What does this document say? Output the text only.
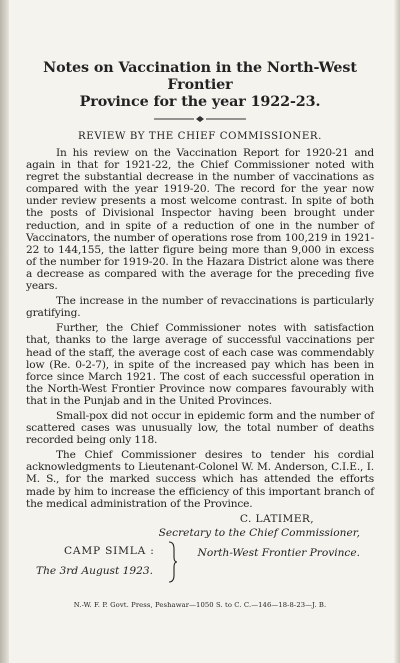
Notes on Vaccination in the North-West Frontier
Province for the year 1922-23.
REVIEW BY THE CHIEF COMMISSIONER.

In his review on the Vaccination Report for 1920-21 and again in that for 1921-22, the Chief Commissioner noted with regret the substantial decrease in the number of vaccinations as compared with the year 1919-20. The record for the year now under review presents a most welcome contrast. In spite of both the posts of Divisional Inspector having been brought under reduction, and in spite of a reduction of one in the number of Vaccinators, the number of operations rose from 100,219 in 1921-22 to 144,155, the latter figure being more than 9,000 in excess of the number for 1919-20. In the Hazara District alone was there a decrease as compared with the average for the preceding five years.

The increase in the number of revaccinations is particularly gratifying.

Further, the Chief Commissioner notes with satisfaction that, thanks to the large average of successful vaccinations per head of the staff, the average cost of each case was commendably low (Re. 0-2-7), in spite of the increased pay which has been in force since March 1921. The cost of each successful operation in the North-West Frontier Province now compares favourably with that in the Punjab and in the United Provinces.

Small-pox did not occur in epidemic form and the number of scattered cases was unusually low, the total number of deaths recorded being only 118.

The Chief Commissioner desires to tender his cordial acknowledgments to Lieutenant-Colonel W. M. Anderson, C.I.E., I. M. S., for the marked success which has attended the efforts made by him to increase the efficiency of this important branch of the medical administration of the Province.

C. LATIMER,
Secretary to the Chief Commissioner,
CAMP SIMLA :	North-West Frontier Province.
The 3rd August 1923.
N.-W. F. P. Govt. Press, Peshawar—1050 S. to C. C.—146—18-8-23—J. B.
